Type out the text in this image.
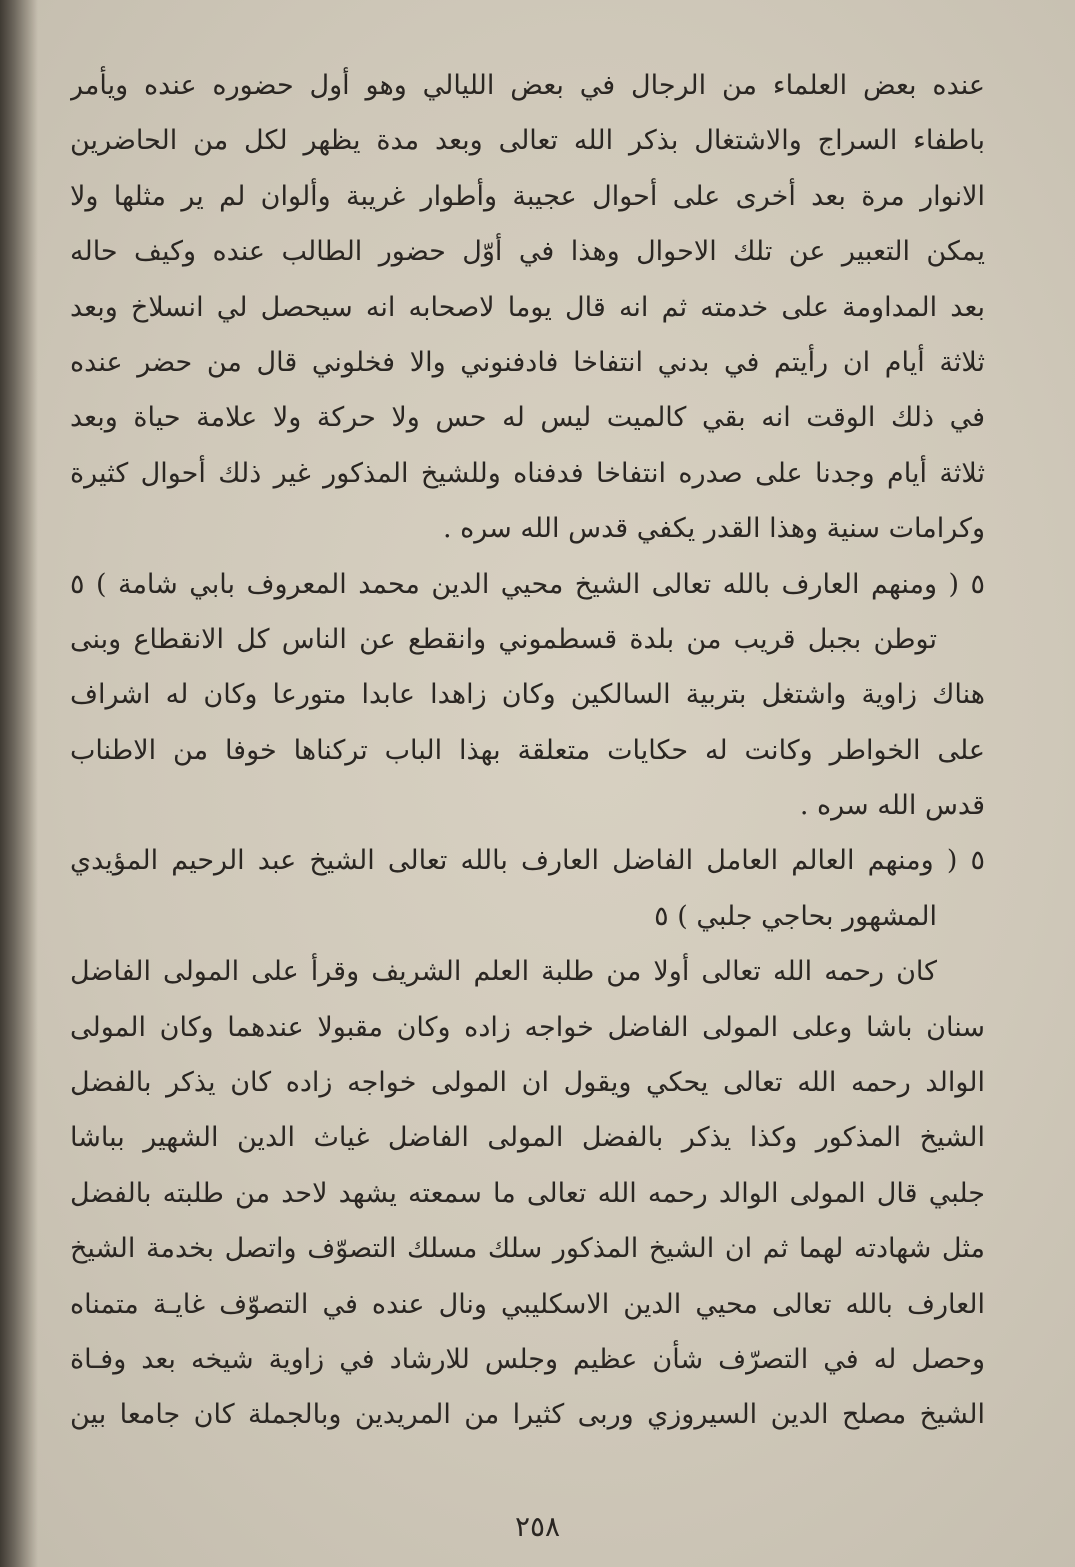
عنده بعض العلماء من الرجال في بعض الليالي وهو أول حضوره عنده ويأمر
باطفاء السراج والاشتغال بذكر الله تعالى وبعد مدة يظهر لكل من الحاضرين
الانوار مرة بعد أخرى على أحوال عجيبة وأطوار غريبة وألوان لم ير مثلها ولا
يمكن التعبير عن تلك الاحوال وهذا في أوّل حضور الطالب عنده وكيف حاله
بعد المداومة على خدمته ثم انه قال يوما لاصحابه انه سيحصل لي انسلاخ وبعد
ثلاثة أيام ان رأيتم في بدني انتفاخا فادفنوني والا فخلوني قال من حضر عنده
في ذلك الوقت انه بقي كالميت ليس له حس ولا حركة ولا علامة حياة وبعد
ثلاثة أيام وجدنا على صدره انتفاخا فدفناه وللشيخ المذكور غير ذلك أحوال كثيرة
وكرامات سنية وهذا القدر يكفي قدس الله سره .
٥ ( ومنهم العارف بالله تعالى الشيخ محيي الدين محمد المعروف بابي شامة ) ٥
توطن بجبل قريب من بلدة قسطموني وانقطع عن الناس كل الانقطاع وبنى
هناك زاوية واشتغل بتربية السالكين وكان زاهدا عابدا متورعا وكان له اشراف
على الخواطر وكانت له حكايات متعلقة بهذا الباب تركناها خوفا من الاطناب
قدس الله سره .
٥ ( ومنهم العالم العامل الفاضل العارف بالله تعالى الشيخ عبد الرحيم المؤيدي
المشهور بحاجي جلبي ) ٥
كان رحمه الله تعالى أولا من طلبة العلم الشريف وقرأ على المولى الفاضل
سنان باشا وعلى المولى الفاضل خواجه زاده وكان مقبولا عندهما وكان المولى
الوالد رحمه الله تعالى يحكي ويقول ان المولى خواجه زاده كان يذكر بالفضل
الشيخ المذكور وكذا يذكر بالفضل المولى الفاضل غياث الدين الشهير بباشا
جلبي قال المولى الوالد رحمه الله تعالى ما سمعته يشهد لاحد من طلبته بالفضل
مثل شهادته لهما ثم ان الشيخ المذكور سلك مسلك التصوّف واتصل بخدمة الشيخ
العارف بالله تعالى محيي الدين الاسكليبي ونال عنده في التصوّف غايـة متمناه
وحصل له في التصرّف شأن عظيم وجلس للارشاد في زاوية شيخه بعد وفـاة
الشيخ مصلح الدين السيروزي وربى كثيرا من المريدين وبالجملة كان جامعا بين
٢٥٨
